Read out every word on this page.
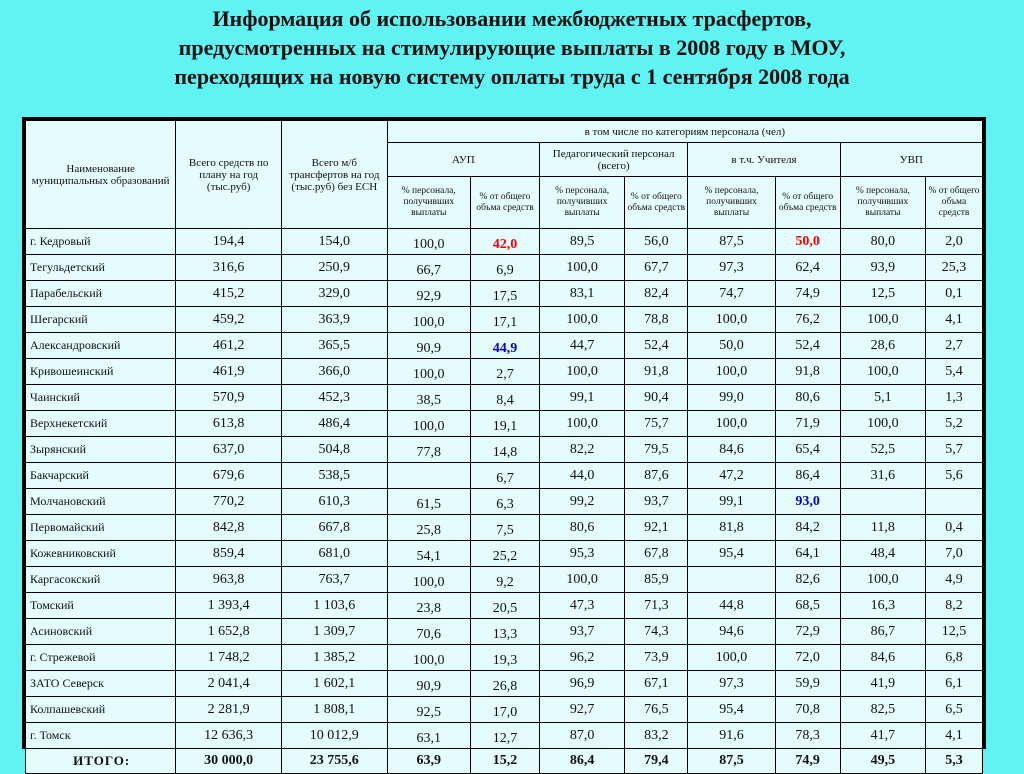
Информация об использовании межбюджетных трасфертов,
предусмотренных на стимулирующие выплаты в 2008 году в МОУ,
переходящих на новую систему оплаты труда с 1 сентября 2008 года
Наименование муниципальных образований	Всего средств по плану на год (тыс.руб)	Всего м/б трансфертов на год (тыс.руб) без ЕСН	в том числе по категориям персонала (чел)							
			АУП		Педагогический персонал (всего)		в т.ч. Учителя		УВП	
			% персонала, получивших выплаты	% от общего объма средств	% персонала, получивших выплаты	% от общего объма средств	% персонала, получивших выплаты	% от общего объма средств	% персонала, получивших выплаты	% от общего объма средств
г. Кедровый	194,4	154,0	100,0	42,0	89,5	56,0	87,5	50,0	80,0	2,0
Тегульдетский	316,6	250,9	66,7	6,9	100,0	67,7	97,3	62,4	93,9	25,3
Парабельский	415,2	329,0	92,9	17,5	83,1	82,4	74,7	74,9	12,5	0,1
Шегарский	459,2	363,9	100,0	17,1	100,0	78,8	100,0	76,2	100,0	4,1
Александровский	461,2	365,5	90,9	44,9	44,7	52,4	50,0	52,4	28,6	2,7
Кривошеинский	461,9	366,0	100,0	2,7	100,0	91,8	100,0	91,8	100,0	5,4
Чаинский	570,9	452,3	38,5	8,4	99,1	90,4	99,0	80,6	5,1	1,3
Верхнекетский	613,8	486,4	100,0	19,1	100,0	75,7	100,0	71,9	100,0	5,2
Зырянский	637,0	504,8	77,8	14,8	82,2	79,5	84,6	65,4	52,5	5,7
Бакчарский	679,6	538,5		6,7	44,0	87,6	47,2	86,4	31,6	5,6
Молчановский	770,2	610,3	61,5	6,3	99,2	93,7	99,1	93,0		
Первомайский	842,8	667,8	25,8	7,5	80,6	92,1	81,8	84,2	11,8	0,4
Кожевниковский	859,4	681,0	54,1	25,2	95,3	67,8	95,4	64,1	48,4	7,0
Каргасокский	963,8	763,7	100,0	9,2	100,0	85,9		82,6	100,0	4,9
Томский	1 393,4	1 103,6	23,8	20,5	47,3	71,3	44,8	68,5	16,3	8,2
Асиновский	1 652,8	1 309,7	70,6	13,3	93,7	74,3	94,6	72,9	86,7	12,5
г. Стрежевой	1 748,2	1 385,2	100,0	19,3	96,2	73,9	100,0	72,0	84,6	6,8
ЗАТО Северск	2 041,4	1 602,1	90,9	26,8	96,9	67,1	97,3	59,9	41,9	6,1
Колпашевский	2 281,9	1 808,1	92,5	17,0	92,7	76,5	95,4	70,8	82,5	6,5
г. Томск	12 636,3	10 012,9	63,1	12,7	87,0	83,2	91,6	78,3	41,7	4,1
ИТОГО:	30 000,0	23 755,6	63,9	15,2	86,4	79,4	87,5	74,9	49,5	5,3
